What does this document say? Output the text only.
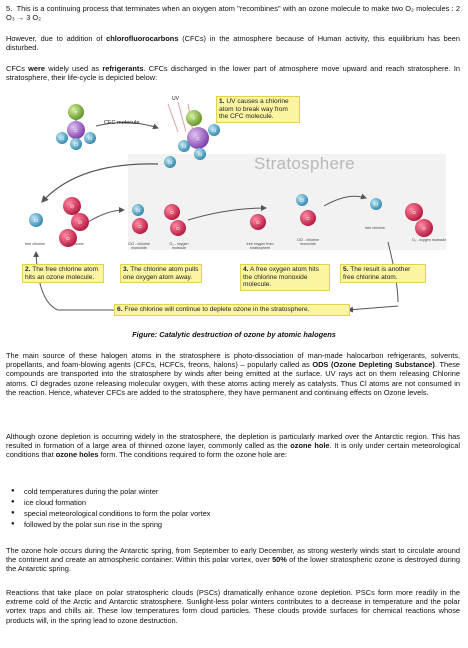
5. This is a continuing process that terminates when an oxygen atom "recombines" with an ozone molecule to make two O₂ molecules : 2 O₃ → 3 O₂

However, due to addition of chlorofluorocarbons (CFCs) in the atmosphere because of Human activity, this equilibrium has been disturbed.

CFCs were widely used as refrigerants. CFCs discharged in the lower part of atmosphere move upward and reach stratosphere. In stratosphere, their life-cycle is depicted below:

F
C
Cl
Cl
Cl
F
C
Cl
Cl
Cl
Cl
Cl
O
O
O
Cl
O
O
O
O
Cl
O
Cl
O
O
UV
CFC molecule
Stratosphere
1. UV causes a chlorine atom to break way from the CFC molecule.
free chlorine	O₃ - ozone	ClO - chlorine monoxide
O₂ - oxygen molecule
free oxygen from stratosphere
ClO - chlorine monoxide
free chlorine
O₂ - oxygen molecule
2. The free chlorine atom hits an ozone molecule.
3. The chlorine atom pulls one oxygen atom away.
4. A free oxygen atom hits the chlorine monoxide molecule.
5. The result is another free chlorine atom.
6. Free chlorine will continue to deplete ozone in the stratosphere.
Figure: Catalytic destruction of ozone by atomic halogens

The main source of these halogen atoms in the stratosphere is photo-dissociation of man-made halocarbon refrigerants, solvents, propellants, and foam-blowing agents (CFCs, HCFCs, freons, halons) – popularly called as ODS (Ozone Depleting Substance). These compounds are transported into the stratosphere by winds after being emitted at the surface. UV rays act on them releasing Chlorine atoms. Cl degrades ozone releasing molecular oxygen, with these atoms acting merely as catalysts. Thus Cl atoms are not consumed in the reaction. Hence, whatever CFCs are added to the stratosphere, they have permanent and continuing effects on Ozone levels.

Although ozone depletion is occurring widely in the stratosphere, the depletion is particularly marked over the Antarctic region. This has resulted in formation of a large area of thinned ozone layer, commonly called as the ozone hole. It is only under certain meteorological conditions that ozone holes form. The conditions required to form the ozone hole are:

● cold temperatures during the polar winter
● ice cloud formation
● special meteorological conditions to form the polar vortex
● followed by the polar sun rise in the spring

The ozone hole occurs during the Antarctic spring, from September to early December, as strong westerly winds start to circulate around the continent and create an atmospheric container. Within this polar vortex, over 50% of the lower stratospheric ozone is destroyed during the Antarctic spring.

Reactions that take place on polar stratospheric clouds (PSCs) dramatically enhance ozone depletion. PSCs form more readily in the extreme cold of the Arctic and Antarctic stratosphere. Sunlight-less polar winters contributes to a decrease in temperature and the polar vortex traps and chills air. These low temperatures form cloud particles. These clouds provide surfaces for chemical reactions whose products will, in the spring lead to ozone destruction.
